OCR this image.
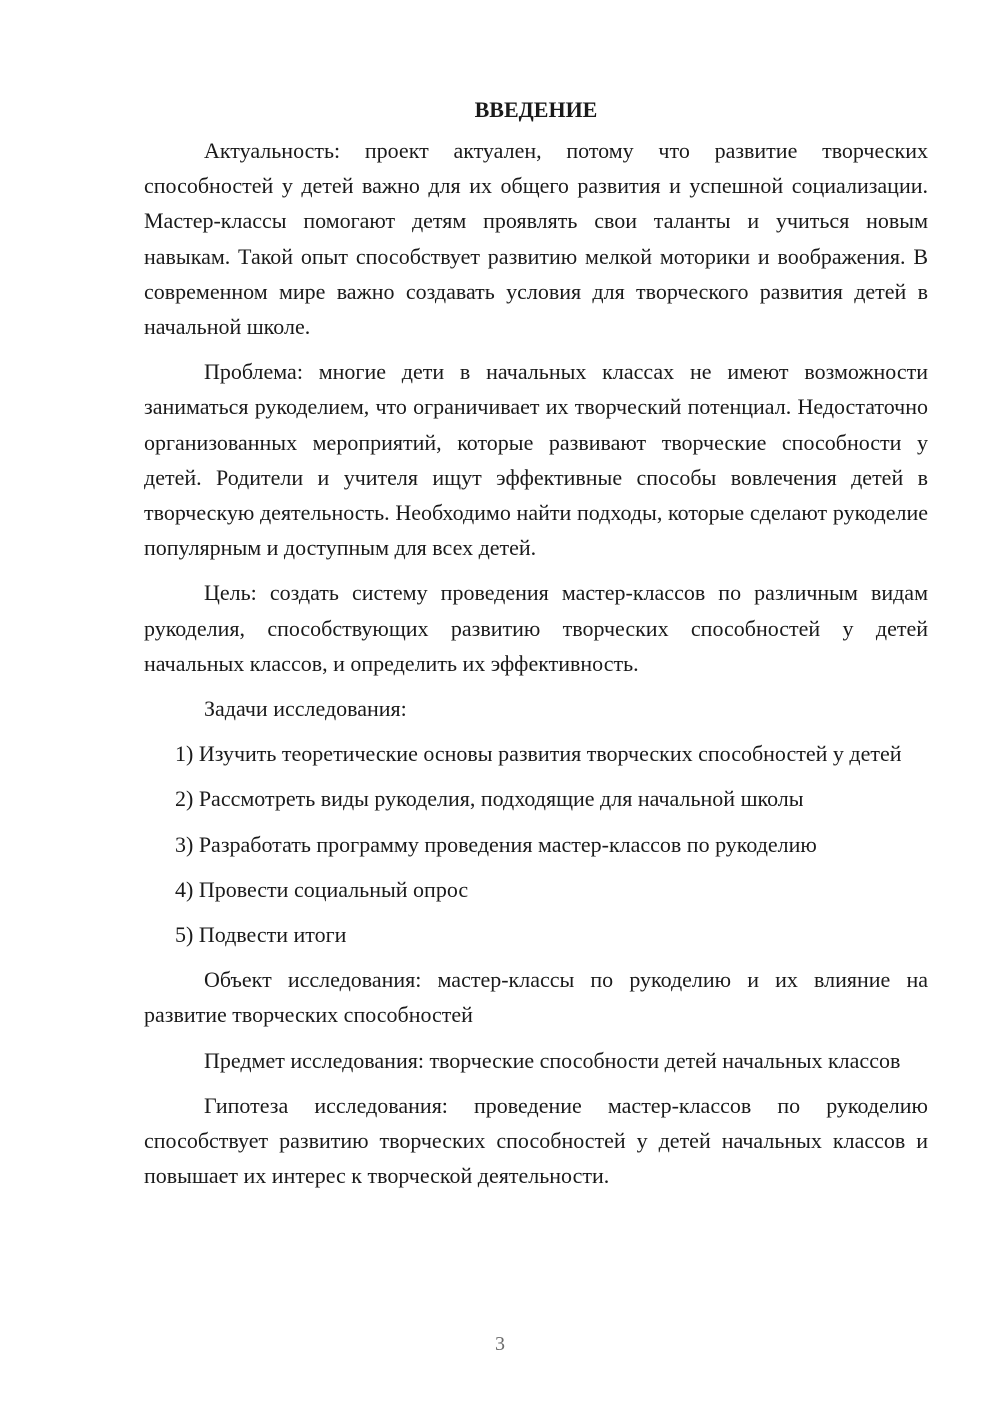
ВВЕДЕНИЕ

Актуальность: проект актуален, потому что развитие творческих способностей у детей важно для их общего развития и успешной социализации. Мастер-классы помогают детям проявлять свои таланты и учиться новым навыкам. Такой опыт способствует развитию мелкой моторики и воображения. В современном мире важно создавать условия для творческого развития детей в начальной школе.

Проблема: многие дети в начальных классах не имеют возможности заниматься рукоделием, что ограничивает их творческий потенциал. Недостаточно организованных мероприятий, которые развивают творческие способности у детей. Родители и учителя ищут эффективные способы вовлечения детей в творческую деятельность. Необходимо найти подходы, которые сделают рукоделие популярным и доступным для всех детей.

Цель: создать систему проведения мастер-классов по различным видам рукоделия, способствующих развитию творческих способностей у детей начальных классов, и определить их эффективность.

Задачи исследования:

1) Изучить теоретические основы развития творческих способностей у детей

2) Рассмотреть виды рукоделия, подходящие для начальной школы

3) Разработать программу проведения мастер-классов по рукоделию

4) Провести социальный опрос

5) Подвести итоги

Объект исследования: мастер-классы по рукоделию и их влияние на развитие творческих способностей

Предмет исследования: творческие способности детей начальных классов

Гипотеза исследования: проведение мастер-классов по рукоделию способствует развитию творческих способностей у детей начальных классов и повышает их интерес к творческой деятельности.

3
